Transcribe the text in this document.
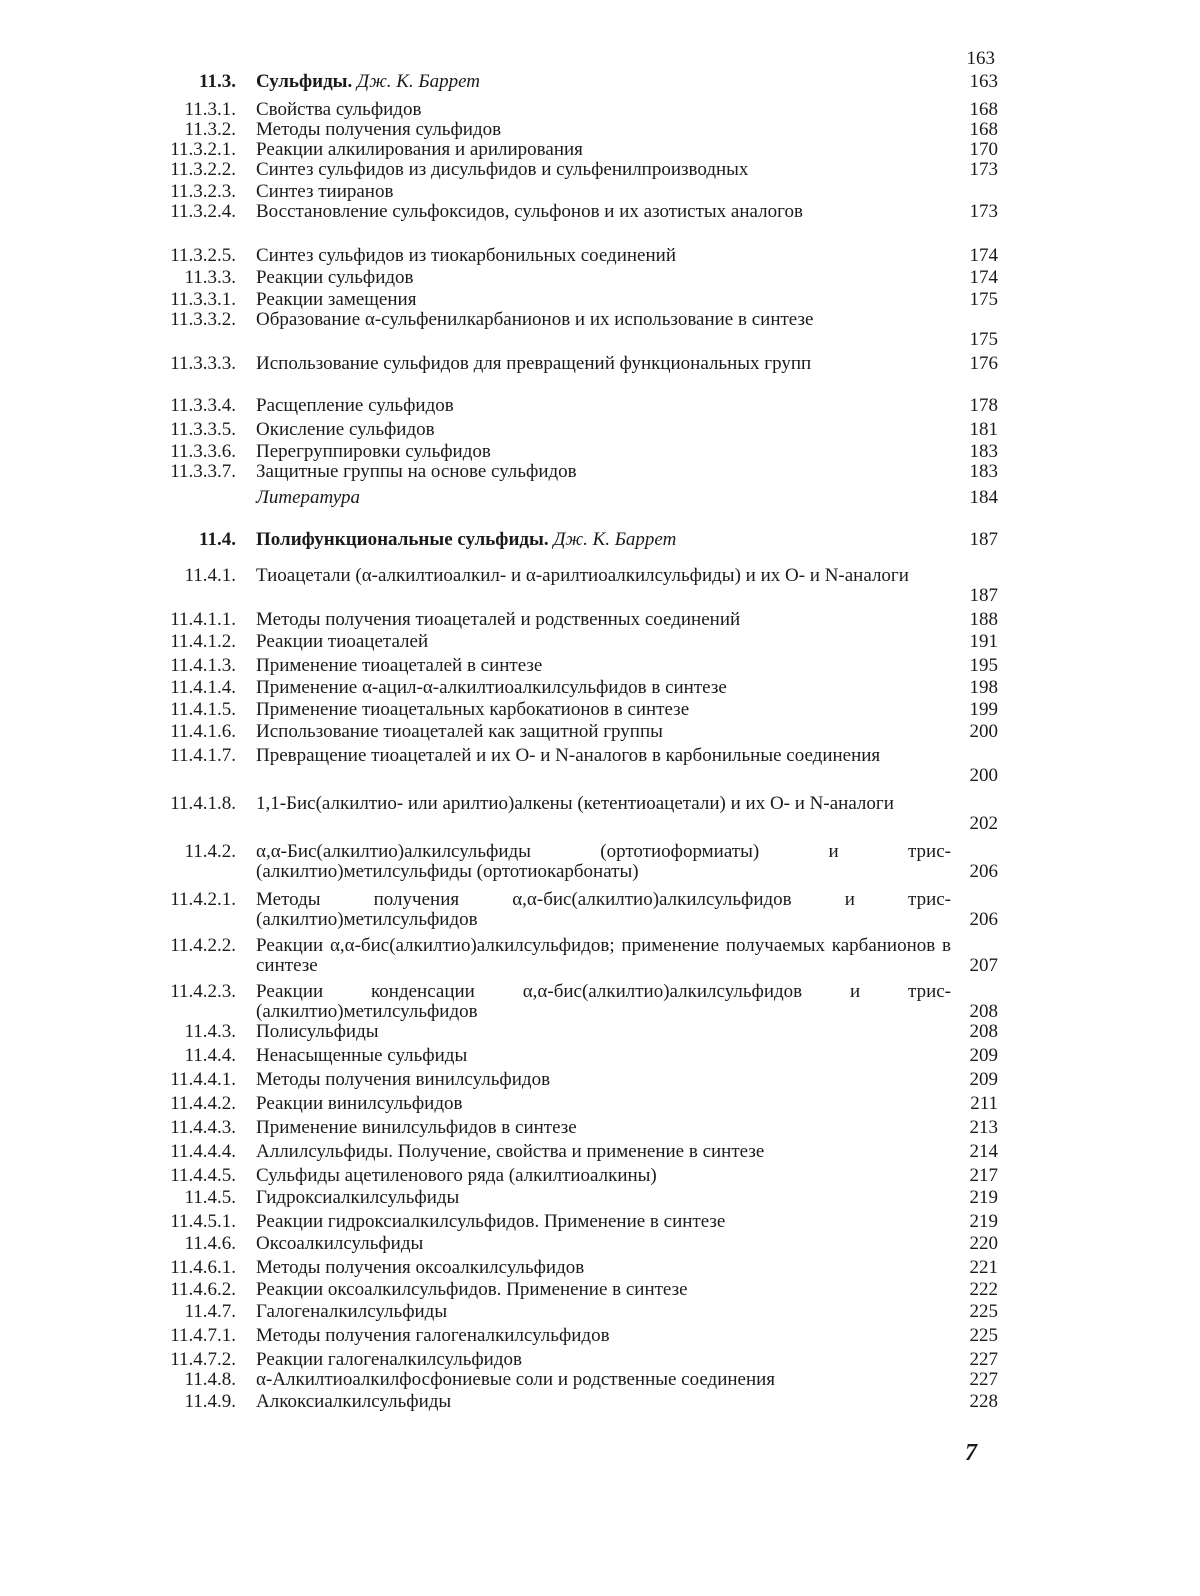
163
11.3. Сульфиды. Дж. К. Баррет	163
11.3.1. Свойства сульфидов	168
11.3.2. Методы получения сульфидов	168
11.3.2.1. Реакции алкилирования и арилирования	170
11.3.2.2. Синтез сульфидов из дисульфидов и сульфенилпроизводных	173
11.3.2.3. Синтез тииранов
11.3.2.4. Восстановление сульфоксидов, сульфонов и их азотистых аналогов	173
11.3.2.5. Синтез сульфидов из тиокарбонильных соединений	174
11.3.3. Реакции сульфидов	174
11.3.3.1. Реакции замещения	175
11.3.3.2. Образование α-сульфенилкарбанионов и их использование в синтезе
175
11.3.3.3. Использование сульфидов для превращений функциональных групп	176
11.3.3.4. Расщепление сульфидов	178
11.3.3.5. Окисление сульфидов	181
11.3.3.6. Перегруппировки сульфидов	183
11.3.3.7. Защитные группы на основе сульфидов	183
Литература	184
11.4. Полифункциональные сульфиды. Дж. К. Баррет	187
11.4.1. Тиоацетали (α-алкилтиоалкил- и α-арилтиоалкилсульфиды) и их О- и N-аналоги
187
11.4.1.1. Методы получения тиоацеталей и родственных соединений	188
11.4.1.2. Реакции тиоацеталей	191
11.4.1.3. Применение тиоацеталей в синтезе	195
11.4.1.4. Применение α-ацил-α-алкилтиоалкилсульфидов в синтезе	198
11.4.1.5. Применение тиоацетальных карбокатионов в синтезе	199
11.4.1.6. Использование тиоацеталей как защитной группы	200
11.4.1.7. Превращение тиоацеталей и их О- и N-аналогов в карбонильные соединения
200
11.4.1.8. 1,1-Бис(алкилтио- или арилтио)алкены (кетентиоацетали) и их О- и N-аналоги
202
11.4.2. α,α-Бис(алкилтио)алкилсульфиды (ортотиоформиаты) и трис-(алкилтио)метилсульфиды (ортотиокарбонаты)	206
11.4.2.1. Методы получения α,α-бис(алкилтио)алкилсульфидов и трис-(алкилтио)метилсульфидов	206
11.4.2.2. Реакции α,α-бис(алкилтио)алкилсульфидов; применение получаемых карбанионов в синтезе	207
11.4.2.3. Реакции конденсации α,α-бис(алкилтио)алкилсульфидов и трис-(алкилтио)метилсульфидов	208
11.4.3. Полисульфиды	208
11.4.4. Ненасыщенные сульфиды	209
11.4.4.1. Методы получения винилсульфидов	209
11.4.4.2. Реакции винилсульфидов	211
11.4.4.3. Применение винилсульфидов в синтезе	213
11.4.4.4. Аллилсульфиды. Получение, свойства и применение в синтезе	214
11.4.4.5. Сульфиды ацетиленового ряда (алкилтиоалкины)	217
11.4.5. Гидроксиалкилсульфиды	219
11.4.5.1. Реакции гидроксиалкилсульфидов. Применение в синтезе	219
11.4.6. Оксоалкилсульфиды	220
11.4.6.1. Методы получения оксоалкилсульфидов	221
11.4.6.2. Реакции оксоалкилсульфидов. Применение в синтезе	222
11.4.7. Галогеналкилсульфиды	225
11.4.7.1. Методы получения галогеналкилсульфидов	225
11.4.7.2. Реакции галогеналкилсульфидов	227
11.4.8. α-Алкилтиоалкилфосфониевые соли и родственные соединения	227
11.4.9. Алкоксиалкилсульфиды	228
7
